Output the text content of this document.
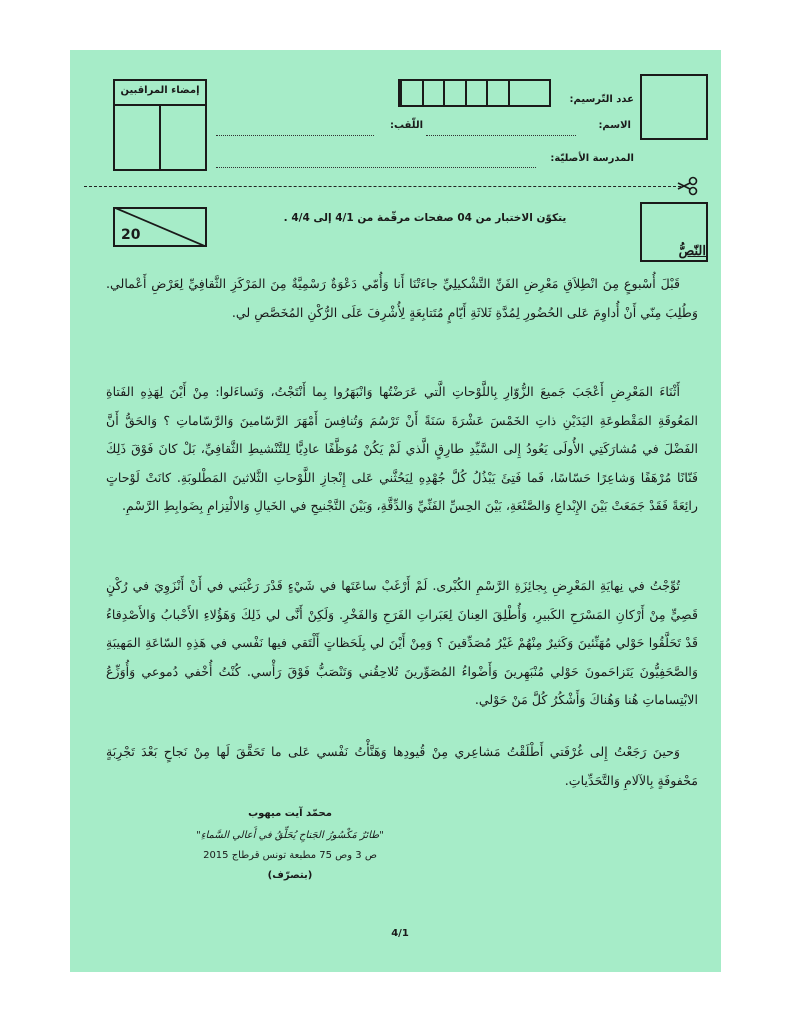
إمضاء المراقبين
عدد التّرسيم:
الاسم:
اللّقب:
المدرسة الأصليّة:
20
يتكوّن الاختبار من 04 صفحات مرقّمة من 4/1 إلى 4/4 .
النّصُّ
قَبْلَ أُسْبوعٍ مِنَ انْطِلاَقِ مَعْرِضِ الفَنِّ التَّشْكيلِيِّ جاءَتْنَا أَنا وَأُمّي دَعْوَةٌ رَسْمِيَّةٌ مِنَ المَرْكَزِ الثَّقافِيِّ لِعَرْضِ أَعْمالي. وَطُلِبَ مِنّي أَنْ أُداوِمَ عَلى الحُضُورِ لِمُدَّةِ ثَلاثَةِ أَيّامٍ مُتَتابِعَةٍ لِأُشْرِفَ عَلَى الرُّكْنِ المُخَصَّصِ لي.
أَثْنَاءَ المَعْرِضِ أَعْجَبَ جَميعَ الزُّوّارِ بِاللَّوْحاتِ الَّتي عَرَضْتُها وَانْبَهَرُوا بِما أَنْتَجْتُ، وَتَساءَلوا: مِنْ أَيْنَ لِهَذِهِ الفَتاةِ المَعُوقَةِ المَقْطوعَةِ اليَدَيْنِ ذاتِ الخَمْسَ عَشْرَةَ سَنَةً أَنْ تَرْسُمَ وَتُنافِسَ أَمْهَرَ الرَّسّامينَ وَالرَّسّاماتِ ؟ وَالحَقُّ أَنَّ الفَضْلَ في مُشارَكَتِي الأُولَى يَعُودُ إِلى السَّيِّدِ طارِقٍ الَّذي لَمْ يَكُنْ مُوَظَّفًا عادِيًّا لِلتَّنْشيطِ الثَّقافِيِّ، بَلْ كانَ فَوْقَ ذَلِكَ فَنّانًا مُرْهَفًا وَشاعِرًا حَسّاسًا، فَما فَتِئَ يَبْذُلُ كُلَّ جُهْدِهِ لِيَحُثَّني عَلى إِنْجازِ اللَّوْحاتِ الثَّلاثينَ المَطْلوبَةِ. كانَتْ لَوْحاتٍ رائِعَةً فَقَدْ جَمَعَتْ بَيْنَ الإِبْداعِ وَالصَّنْعَةِ، بَيْنَ الحِسِّ الفَنِّيِّ وَالدِّقَّةِ، وَبَيْنَ التَّجْنيحِ في الخَيالِ وَالالْتِزامِ بِضَوابِطِ الرَّسْمِ.
تُوِّجْتُ في نِهايَةِ المَعْرِضِ بِجائِزَةِ الرَّسْمِ الكُبْرى. لَمْ أَرْغَبْ ساعَتَها في شَيْءٍ قَدْرَ رَغْبَتي في أَنْ أَنْزَوِيَ في رُكْنٍ قَصِيٍّ مِنْ أَرْكانِ المَسْرَحِ الكَبيرِ، وَأُطْلِقَ العِنانَ لِعَبَراتِ الفَرَحِ وَالفَخْرِ. وَلَكِنْ أَنَّى لي ذَلِكَ وَهَؤُلاءِ الأَحْبابُ وَالأَصْدِقاءُ قَدْ تَحَلَّقُوا حَوْلي مُهَنِّئينَ وَكَثيرٌ مِنْهُمْ غَيْرُ مُصَدِّقينَ ؟ وَمِنْ أَيْنَ لي بِلَحَظاتٍ أَلْتَقي فيها نَفْسي في هَذِهِ السّاعَةِ المَهيبَةِ وَالصَّحَفِيُّونَ يَتَزاحَمونَ حَوْلي مُنْبَهِرينَ وَأَضْواءُ المُصَوِّرينَ تُلاحِقُني وَتَنْصَبُّ فَوْقَ رَأْسي. كُنْتُ أُخْفي دُموعي وَأُوَزِّعُ الابْتِساماتِ هُنا وَهُناكَ وَأَشْكُرُ كُلَّ مَنْ حَوْلي.
وَحينَ رَجَعْتُ إِلى غُرْفَتي أَطْلَقْتُ مَشاعِري مِنْ قُيودِها وَهَنَّأْتُ نَفْسي عَلى ما تَحَقَّقَ لَها مِنْ نَجاحٍ بَعْدَ تَجْرِبَةٍ مَحْفوفَةٍ بِالآلامِ وَالتَّحَدِّياتِ.
محمّد آيت ميهوب
"طائرٌ مَكْسُورُ الجَناحِ يُحَلِّقُ في أَعالي السَّماءِ"
ص 3 وص 75 مطبعة تونس قرطاج 2015
(بتصرّف)
4/1
